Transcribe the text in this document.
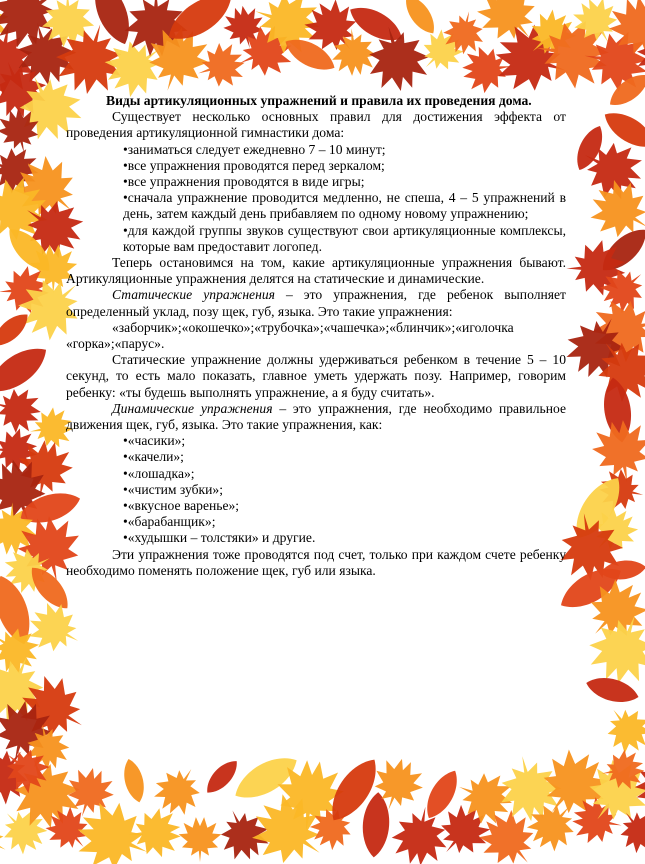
Виды артикуляционных упражнений и правила их проведения дома.

Существует несколько основных правил для достижения эффекта от проведения артикуляционной гимнастики дома:

•заниматься следует ежедневно 7 – 10 минут;

•все упражнения проводятся перед зеркалом;

•все упражнения проводятся в виде игры;

•сначала упражнение проводится медленно, не спеша, 4 – 5 упражнений в день, затем каждый день прибавляем по одному новому упражнению;

•для каждой группы звуков существуют свои артикуляционные комплексы, которые вам предоставит логопед.

Теперь остановимся на том, какие артикуляционные упражнения бывают. Артикуляционные упражнения делятся на статические и динамические.

Статические упражнения – это упражнения, где ребенок выполняет определенный уклад, позу щек, губ, языка. Это такие упражнения:

«заборчик»;«окошечко»;«трубочка»;«чашечка»;«блинчик»;«иголочка «горка»;«парус».

Статические упражнение должны удерживаться ребенком в течение 5 – 10 секунд, то есть мало показать, главное уметь удержать позу. Например, говорим ребенку: «ты будешь выполнять упражнение, а я буду считать».

Динамические упражнения – это упражнения, где необходимо правильное движения щек, губ, языка. Это такие упражнения, как:

•«часики»;

•«качели»;

•«лошадка»;

•«чистим зубки»;

•«вкусное варенье»;

•«барабанщик»;

•«худышки – толстяки» и другие.

Эти упражнения тоже проводятся под счет, только при каждом счете ребенку необходимо поменять положение щек, губ или языка.
